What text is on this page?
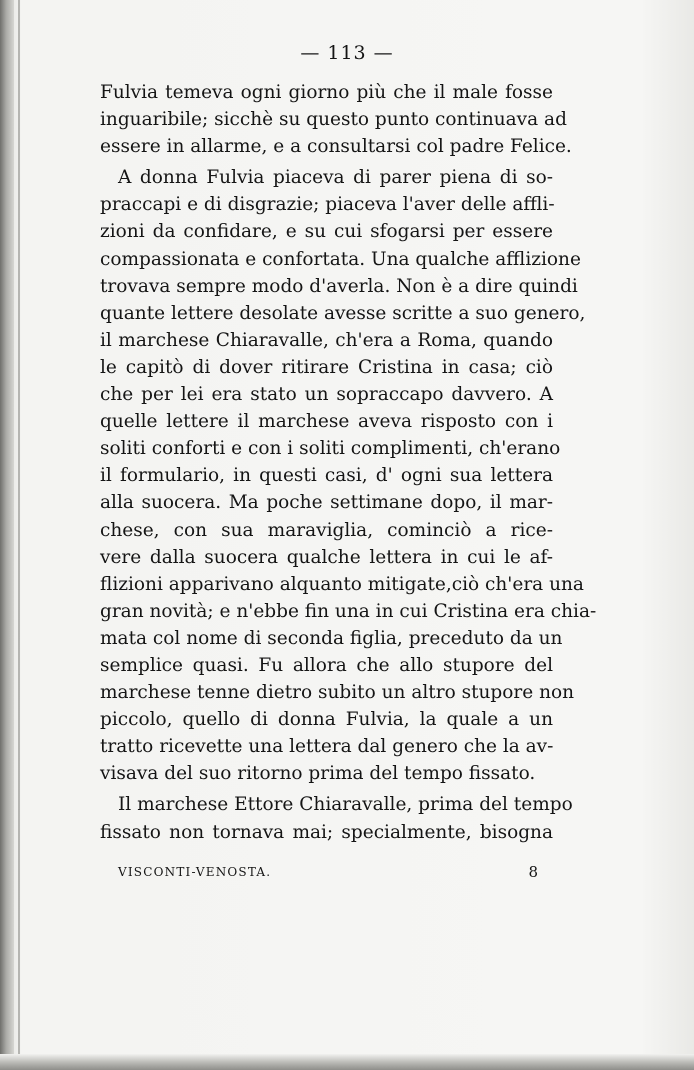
— 113 —
Fulvia temeva ogni giorno più che il male fosse
inguaribile; sicchè su questo punto continuava ad
essere in allarme, e a consultarsi col padre Felice.
A donna Fulvia piaceva di parer piena di so-
praccapi e di disgrazie; piaceva l'aver delle affli-
zioni da confidare, e su cui sfogarsi per essere
compassionata e confortata. Una qualche afflizione
trovava sempre modo d'averla. Non è a dire quindi
quante lettere desolate avesse scritte a suo genero,
il marchese Chiaravalle, ch'era a Roma, quando
le capitò di dover ritirare Cristina in casa; ciò
che per lei era stato un sopraccapo davvero. A
quelle lettere il marchese aveva risposto con i
soliti conforti e con i soliti complimenti, ch'erano
il formulario, in questi casi, d' ogni sua lettera
alla suocera. Ma poche settimane dopo, il mar-
chese, con sua maraviglia, cominciò a rice-
vere dalla suocera qualche lettera in cui le af-
flizioni apparivano alquanto mitigate,ciò ch'era una
gran novità; e n'ebbe fin una in cui Cristina era chia-
mata col nome di seconda figlia, preceduto da un
semplice quasi. Fu allora che allo stupore del
marchese tenne dietro subito un altro stupore non
piccolo, quello di donna Fulvia, la quale a un
tratto ricevette una lettera dal genero che la av-
visava del suo ritorno prima del tempo fissato.
Il marchese Ettore Chiaravalle, prima del tempo
fissato non tornava mai; specialmente, bisogna
VISCONTI-VENOSTA.	8
